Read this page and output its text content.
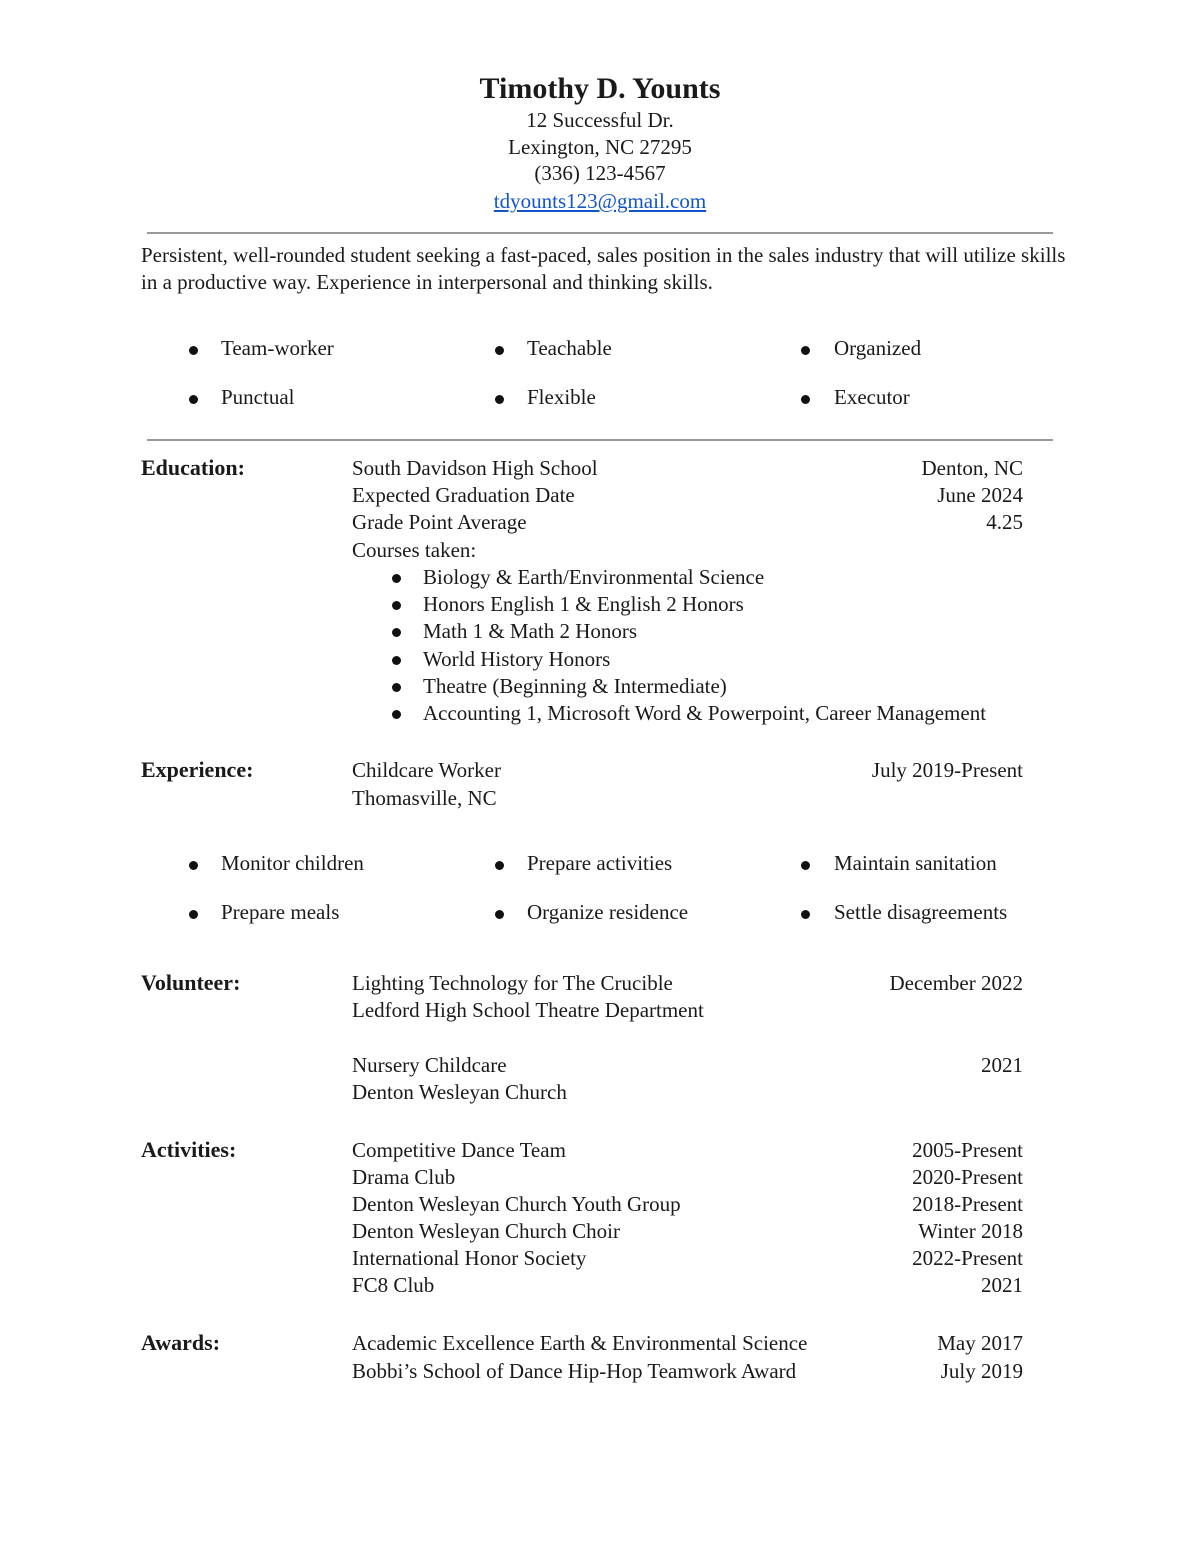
Timothy D. Younts
12 Successful Dr.
Lexington, NC 27295
(336) 123-4567
tdyounts123@gmail.com
Persistent, well-rounded student seeking a fast-paced, sales position in the sales industry that will utilize skills in a productive way. Experience in interpersonal and thinking skills.
Team-worker	Teachable	Organized
Punctual	Flexible	Executor
Education:	South Davidson High School	Denton, NC
Expected Graduation Date	June 2024
Grade Point Average	4.25
Courses taken:
Biology & Earth/Environmental Science
Honors English 1 & English 2 Honors
Math 1 & Math 2 Honors
World History Honors
Theatre (Beginning & Intermediate)
Accounting 1, Microsoft Word & Powerpoint, Career Management
Experience:	Childcare Worker	July 2019-Present
Thomasville, NC
Monitor children	Prepare activities	Maintain sanitation
Prepare meals	Organize residence	Settle disagreements
Volunteer:	Lighting Technology for The Crucible	December 2022
Ledford High School Theatre Department
Nursery Childcare	2021
Denton Wesleyan Church
Activities:	Competitive Dance Team	2005-Present
Drama Club	2020-Present
Denton Wesleyan Church Youth Group	2018-Present
Denton Wesleyan Church Choir	Winter 2018
International Honor Society	2022-Present
FC8 Club	2021
Awards:	Academic Excellence Earth & Environmental Science	May 2017
Bobbi’s School of Dance Hip-Hop Teamwork Award	July 2019
